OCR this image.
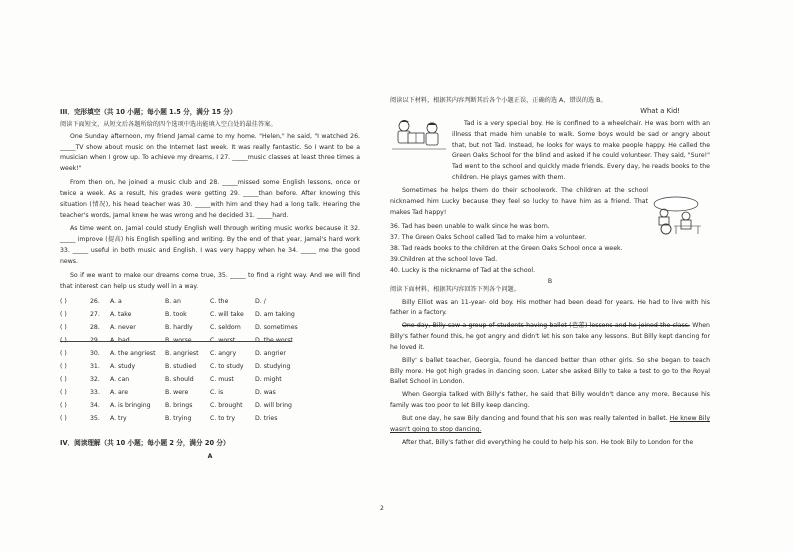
III．完形填空（共 10 小题；每小题 1.5 分，满分 15 分）
阅读下面短文，从短文后各题所给的四个选项中选出能填入空白处的最佳答案。

One Sunday afternoon, my friend Jamal came to my home. "Helen," he said, "I watched 26. _____TV show about music on the Internet last week. It was really fantastic. So I want to be a musician when I grow up. To achieve my dreams, I 27. _____music classes at least three times a week!"

From then on, he joined a music club and 28. _____missed some English lessons, once or twice a week. As a result, his grades were getting 29. _____than before. After knowing this situation (情况), his head teacher was 30. _____with him and they had a long talk. Hearing the teacher's words, Jamal knew he was wrong and he decided 31. _____hard.

As time went on, Jamal could study English well through writing music works because it 32. _____ improve (提高) his English spelling and writing. By the end of that year, Jamal's hard work 33. _____ useful in both music and English. I was very happy when he 34. _____ me the good news.

So if we want to make our dreams come true, 35. _____ to find a right way. And we will find that interest can help us study well in a way.

( )	26.	A. a	B. an	C. the	D. /
( )	27.	A. take	B. took	C. will take	D. am taking
( )	28.	A. never	B. hardly	C. seldom	D. sometimes
( )	29.	A. bad	B. worse	C. worst	D. the worst
( )	30.	A. the angriest	B. angriest	C. angry	D. angrier
( )	31.	A. study	B. studied	C. to study	D. studying
( )	32.	A. can	B. should	C. must	D. might
( )	33.	A. are	B. were	C. is	D. was
( )	34.	A. is bringing	B. brings	C. brought	D. will bring
( )	35.	A. try	B. trying	C. to try	D. tries
IV．阅读理解（共 10 小题；每小题 2 分，满分 20 分）
A
阅读以下材料，根据其内容判断其后各个小题正误，正确的选 A，错误的选 B。
What a Kid!

Tad is a very special boy. He is confined to a wheelchair. He was born with an illness that made him unable to walk. Some boys would be sad or angry about that, but not Tad. Instead, he looks for ways to make people happy. He called the Green Oaks School for the blind and asked if he could volunteer. They said, "Sure!" Tad went to the school and quickly made friends. Every day, he reads books to the children. He plays games with them.

Sometimes he helps them do their schoolwork. The children at the school nicknamed him Lucky because they feel so lucky to have him as a friend. That makes Tad happy!

36. Tad has been unable to walk since he was born.
37. The Green Oaks School called Tad to make him a volunteer.
38. Tad reads books to the children at the Green Oaks School once a week.
39.Children at the school love Tad.
40. Lucky is the nickname of Tad at the school.
B
阅读下面材料，根据其内容回答下列各个问题。

Billy Elliot was an 11-year- old boy. His mother had been dead for years. He had to live with his father in a factory.

One day, Billy saw a group of students having ballet (芭蕾) lessons and he joined the class. When Billy's father found this, he got angry and didn't let his son take any lessons. But Billy kept dancing for he loved it.

Billy' s ballet teacher, Georgia, found he danced better than other girls. So she began to teach Billy more. He got high grades in dancing soon. Later she asked Billy to take a test to go to the Royal Ballet School in London.

When Georgia talked with Billy's father, he said that Billy wouldn't dance any more. Because his family was too poor to let Billy keep dancing.

But one day, he saw Bily dancing and found that his son was really talented in ballet. He knew Bily wasn't going to stop dancing.

After that, Billy's father did everything he could to help his son. He took Bily to London for the

2
